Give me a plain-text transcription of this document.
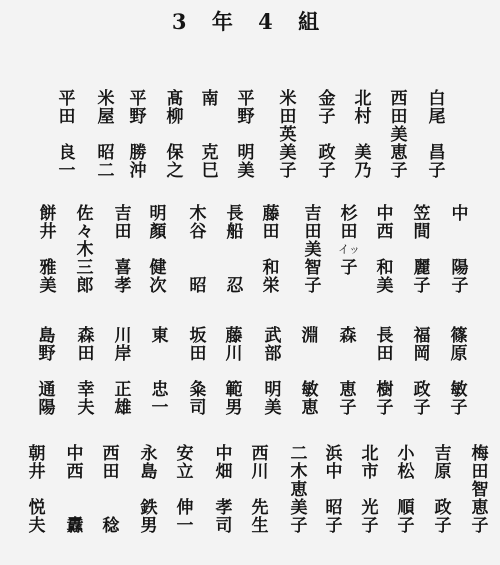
3 年 4 組
平
田
良
一
米
屋
昭
二
平
野
勝
沖
髙
柳
保
之
南
克
巳
平
野
明
美
米
田
英
美
子
金
子
政
子
北
村
美
乃
西
田
美
恵
子
白
尾
昌
子
餅
井
雅
美
佐
々
木
三
郎
吉
田
喜
孝
明
顏
健
次
木
谷
昭
長
船
忍
藤
田
和
栄
吉
田
美
智
子
杉
田
イッ
子
中
西
和
美
笠
間
麗
子
中
陽
子
島
野
通
陽
森
田
幸
夫
川
岸
正
雄
東
忠
一
坂
田
粂
司
藤
川
範
男
武
部
明
美
淵
敏
恵
森
恵
子
長
田
樹
子
福
岡
政
子
篠
原
敏
子
朝
井
悦
夫
中
西
纛
西
田
稔
永
島
鉄
男
安
立
伸
一
中
畑
孝
司
西
川
先
生
二
木
恵
美
子
浜
中
昭
子
北
市
光
子
小
松
順
子
吉
原
政
子
梅
田
智
恵
子
